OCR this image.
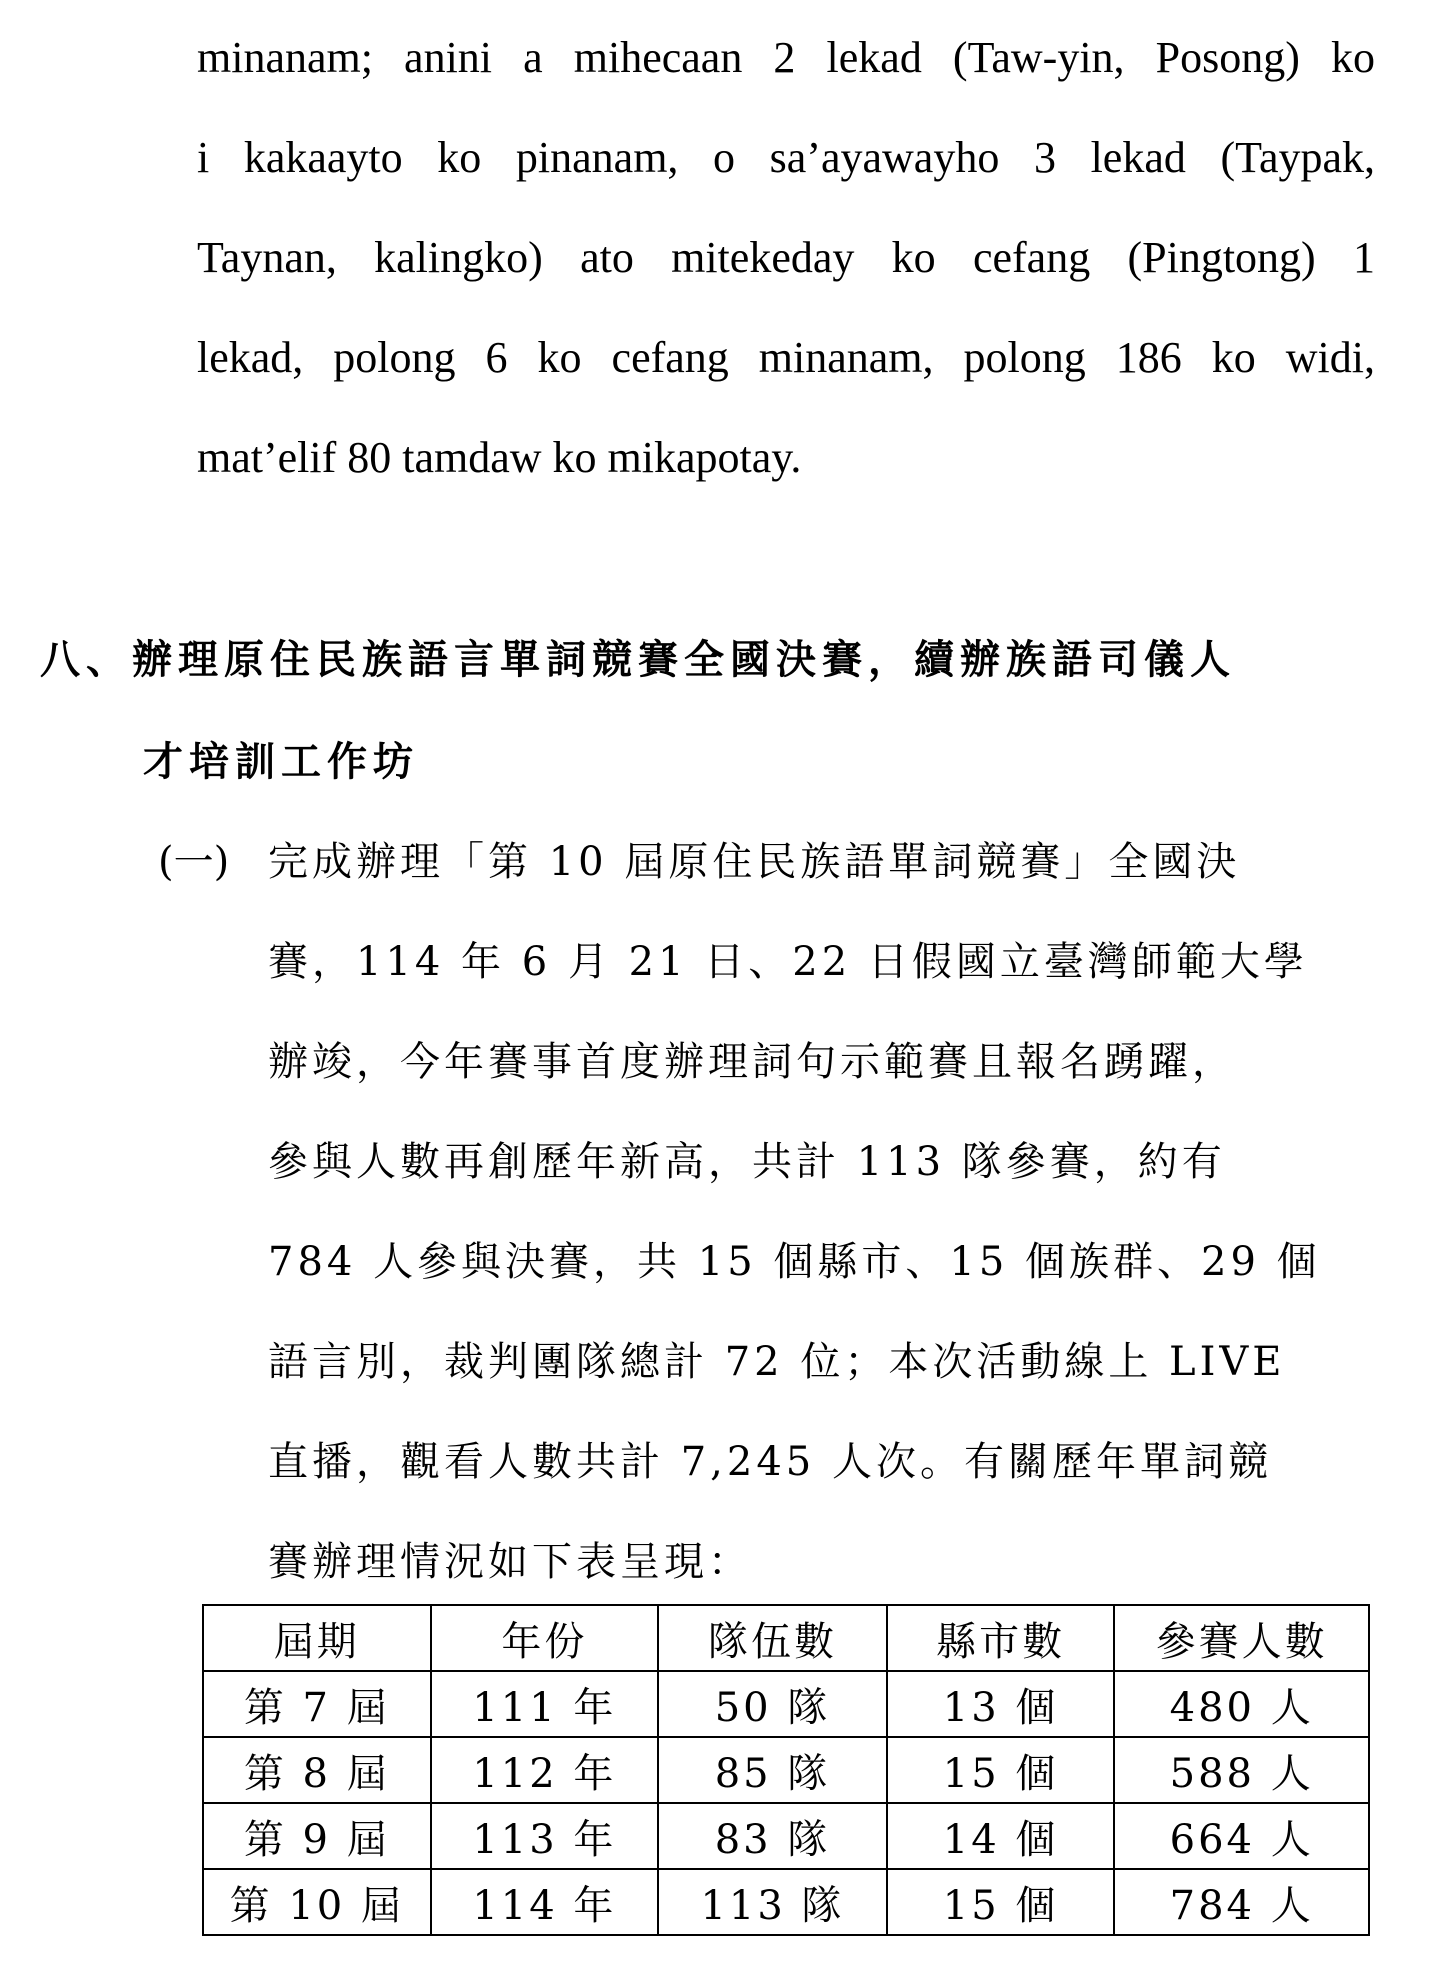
minanam; anini a mihecaan 2 lekad (Taw-yin, Posong) ko
i kakaayto ko pinanam, o sa’ayawayho 3 lekad (Taypak,
Taynan, kalingko) ato mitekeday ko cefang (Pingtong) 1
lekad, polong 6 ko cefang minanam, polong 186 ko widi,
mat’elif 80 tamdaw ko mikapotay.
八、辦理原住民族語言單詞競賽全國決賽，續辦族語司儀人
才培訓工作坊
(一) 完成辦理「第 10 屆原住民族語單詞競賽」全國決
賽，114 年 6 月 21 日、22 日假國立臺灣師範大學
辦竣，今年賽事首度辦理詞句示範賽且報名踴躍，
參與人數再創歷年新高，共計 113 隊參賽，約有
784 人參與決賽，共 15 個縣市、15 個族群、29 個
語言別，裁判團隊總計 72 位；本次活動線上 LIVE
直播，觀看人數共計 7,245 人次。有關歷年單詞競
賽辦理情況如下表呈現：
屆期	年份	隊伍數	縣市數	參賽人數
第 7 屆	111 年	50 隊	13 個	480 人
第 8 屆	112 年	85 隊	15 個	588 人
第 9 屆	113 年	83 隊	14 個	664 人
第 10 屆	114 年	113 隊	15 個	784 人
